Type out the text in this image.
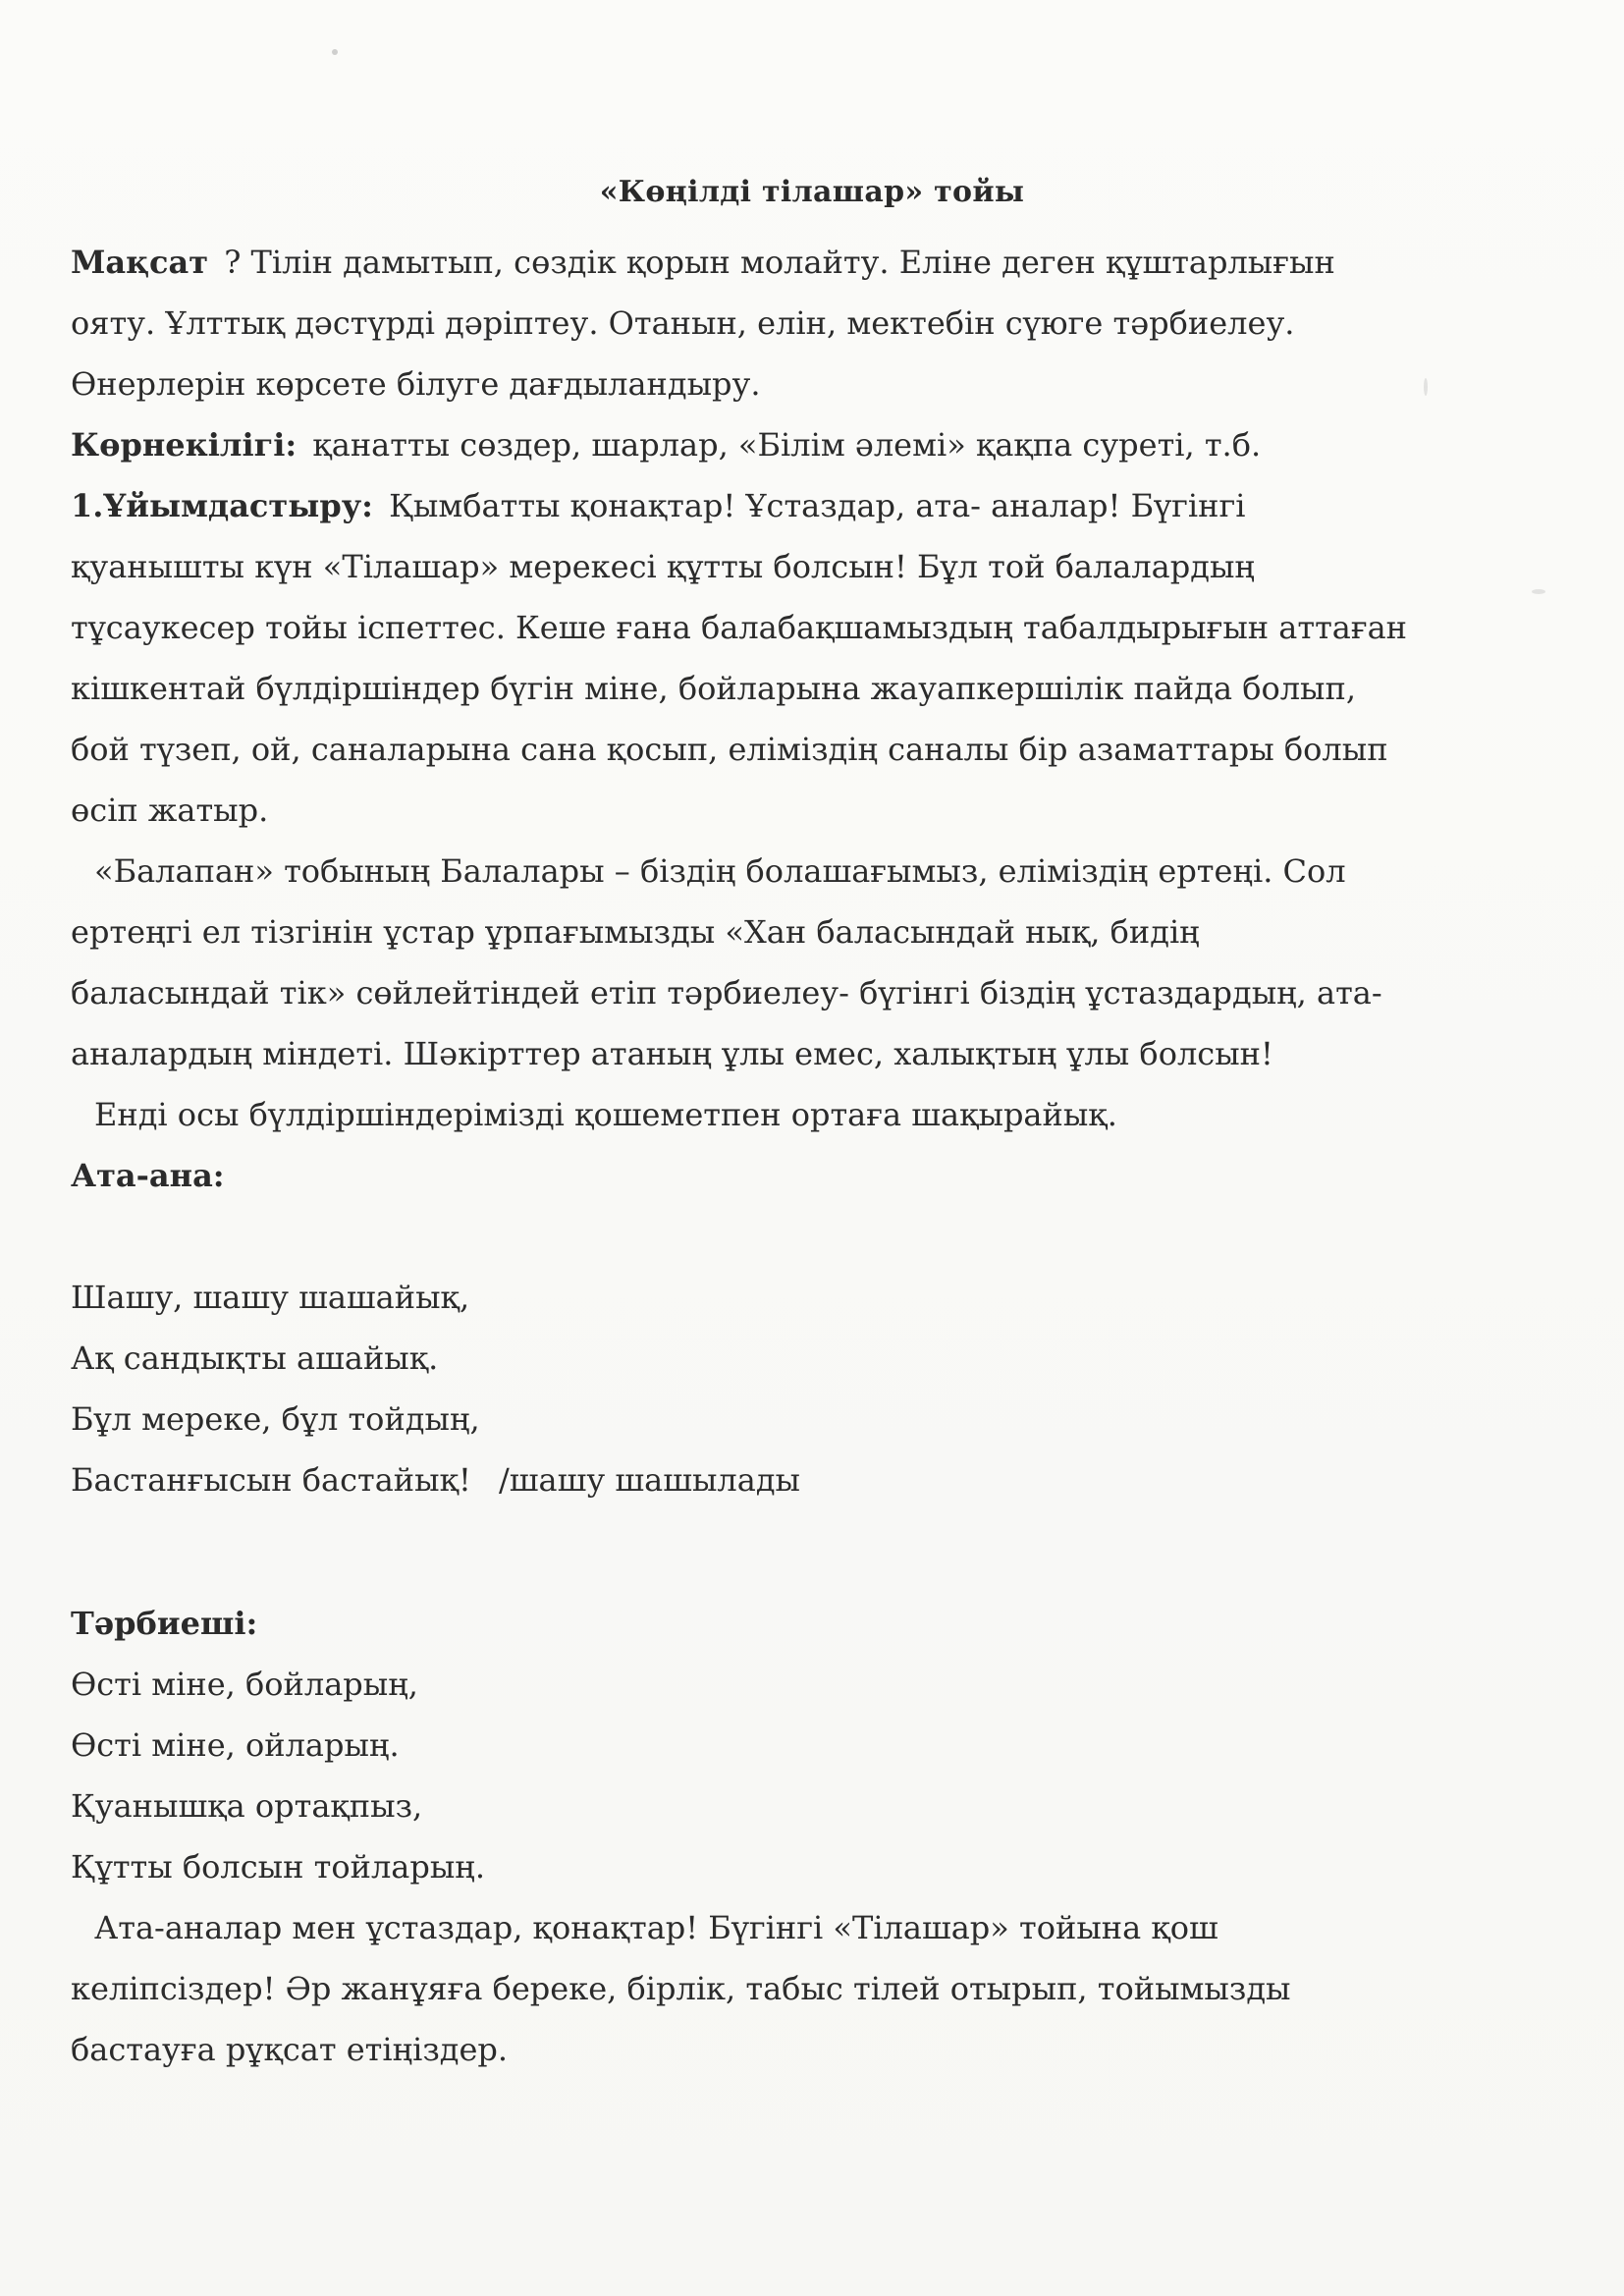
«Көңілді тілашар» тойы

Мақсат ? Тілін дамытып, сөздік қорын молайту. Еліне деген құштарлығын
ояту. Ұлттық дәстүрді дәріптеу. Отанын, елін, мектебін сүюге тәрбиелеу.
Өнерлерін көрсете білуге дағдыландыру.

Көрнекілігі: қанатты сөздер, шарлар, «Білім әлемі» қақпа суреті, т.б.

1.Ұйымдастыру: Қымбатты қонақтар! Ұстаздар, ата- аналар! Бүгінгі
қуанышты күн «Тілашар» мерекесі құтты болсын! Бұл той балалардың
тұсаукесер тойы іспеттес. Кеше ғана балабақшамыздың табалдырығын аттаған
кішкентай бүлдіршіндер бүгін міне, бойларына жауапкершілік пайда болып,
бой түзеп, ой, саналарына сана қосып, еліміздің саналы бір азаматтары болып
өсіп жатыр.

«Балапан» тобының Балалары – біздің болашағымыз, еліміздің ертеңі. Сол
ертеңгі ел тізгінін ұстар ұрпағымызды «Хан баласындай нық, бидің
баласындай тік» сөйлейтіндей етіп тәрбиелеу- бүгінгі біздің ұстаздардың, ата-
аналардың міндеті. Шәкірттер атаның ұлы емес, халықтың ұлы болсын!

Енді осы бүлдіршіндерімізді қошеметпен ортаға шақырайық.

Ата-ана:

Шашу, шашу шашайық,
Ақ сандықты ашайық.
Бұл мереке, бұл тойдың,
Бастанғысын бастайық! /шашу шашылады

Тәрбиеші:

Өсті міне, бойларың,
Өсті міне, ойларың.
Қуанышқа ортақпыз,
Құтты болсын тойларың.

Ата-аналар мен ұстаздар, қонақтар! Бүгінгі «Тілашар» тойына қош
келіпсіздер! Әр жанұяға береке, бірлік, табыс тілей отырып, тойымызды
бастауға рұқсат етіңіздер.
